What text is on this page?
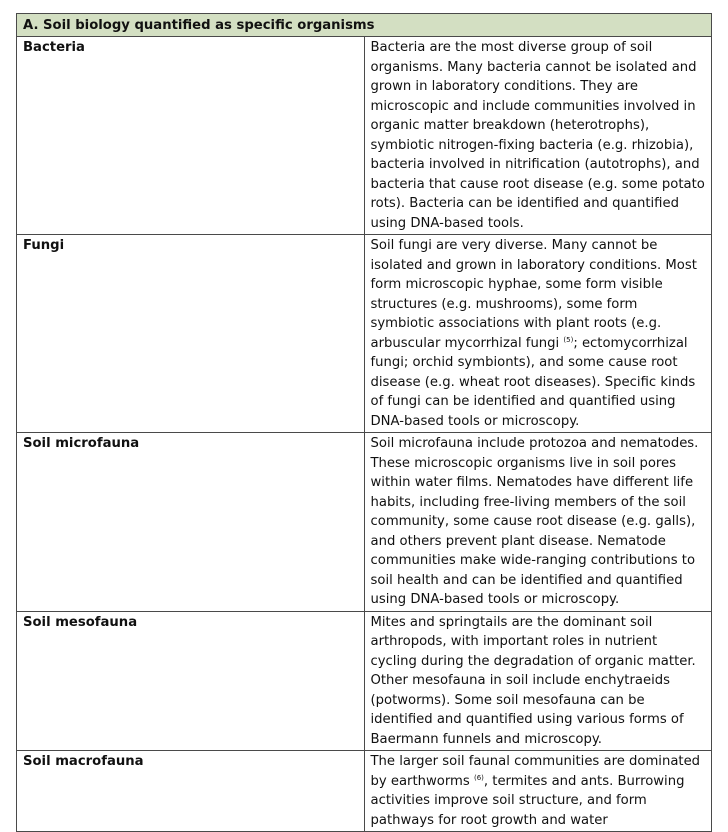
A. Soil biology quantified as specific organisms	
Bacteria	Bacteria are the most diverse group of soil organisms. Many bacteria cannot be isolated and grown in laboratory conditions. They are microscopic and include communities involved in organic matter breakdown (heterotrophs), symbiotic nitrogen-fixing bacteria (e.g. rhizobia), bacteria involved in nitrification (autotrophs), and bacteria that cause root disease (e.g. some potato rots). Bacteria can be identified and quantified using DNA-based tools.
Fungi	Soil fungi are very diverse. Many cannot be isolated and grown in laboratory conditions. Most form microscopic hyphae, some form visible structures (e.g. mushrooms), some form symbiotic associations with plant roots (e.g. arbuscular mycorrhizal fungi $^{(5)}$; ectomycorrhizal fungi; orchid symbionts), and some cause root disease (e.g. wheat root diseases). Specific kinds of fungi can be identified and quantified using DNA-based tools or microscopy.
Soil microfauna	Soil microfauna include protozoa and nematodes. These microscopic organisms live in soil pores within water films. Nematodes have different life habits, including free-living members of the soil community, some cause root disease (e.g. galls), and others prevent plant disease. Nematode communities make wide-ranging contributions to soil health and can be identified and quantified using DNA-based tools or microscopy.
Soil mesofauna	Mites and springtails are the dominant soil arthropods, with important roles in nutrient cycling during the degradation of organic matter. Other mesofauna in soil include enchytraeids (potworms). Some soil mesofauna can be identified and quantified using various forms of Baermann funnels and microscopy.
Soil macrofauna	The larger soil faunal communities are dominated by earthworms $^{(6)}$, termites and ants. Burrowing activities improve soil structure, and form pathways for root growth and water
